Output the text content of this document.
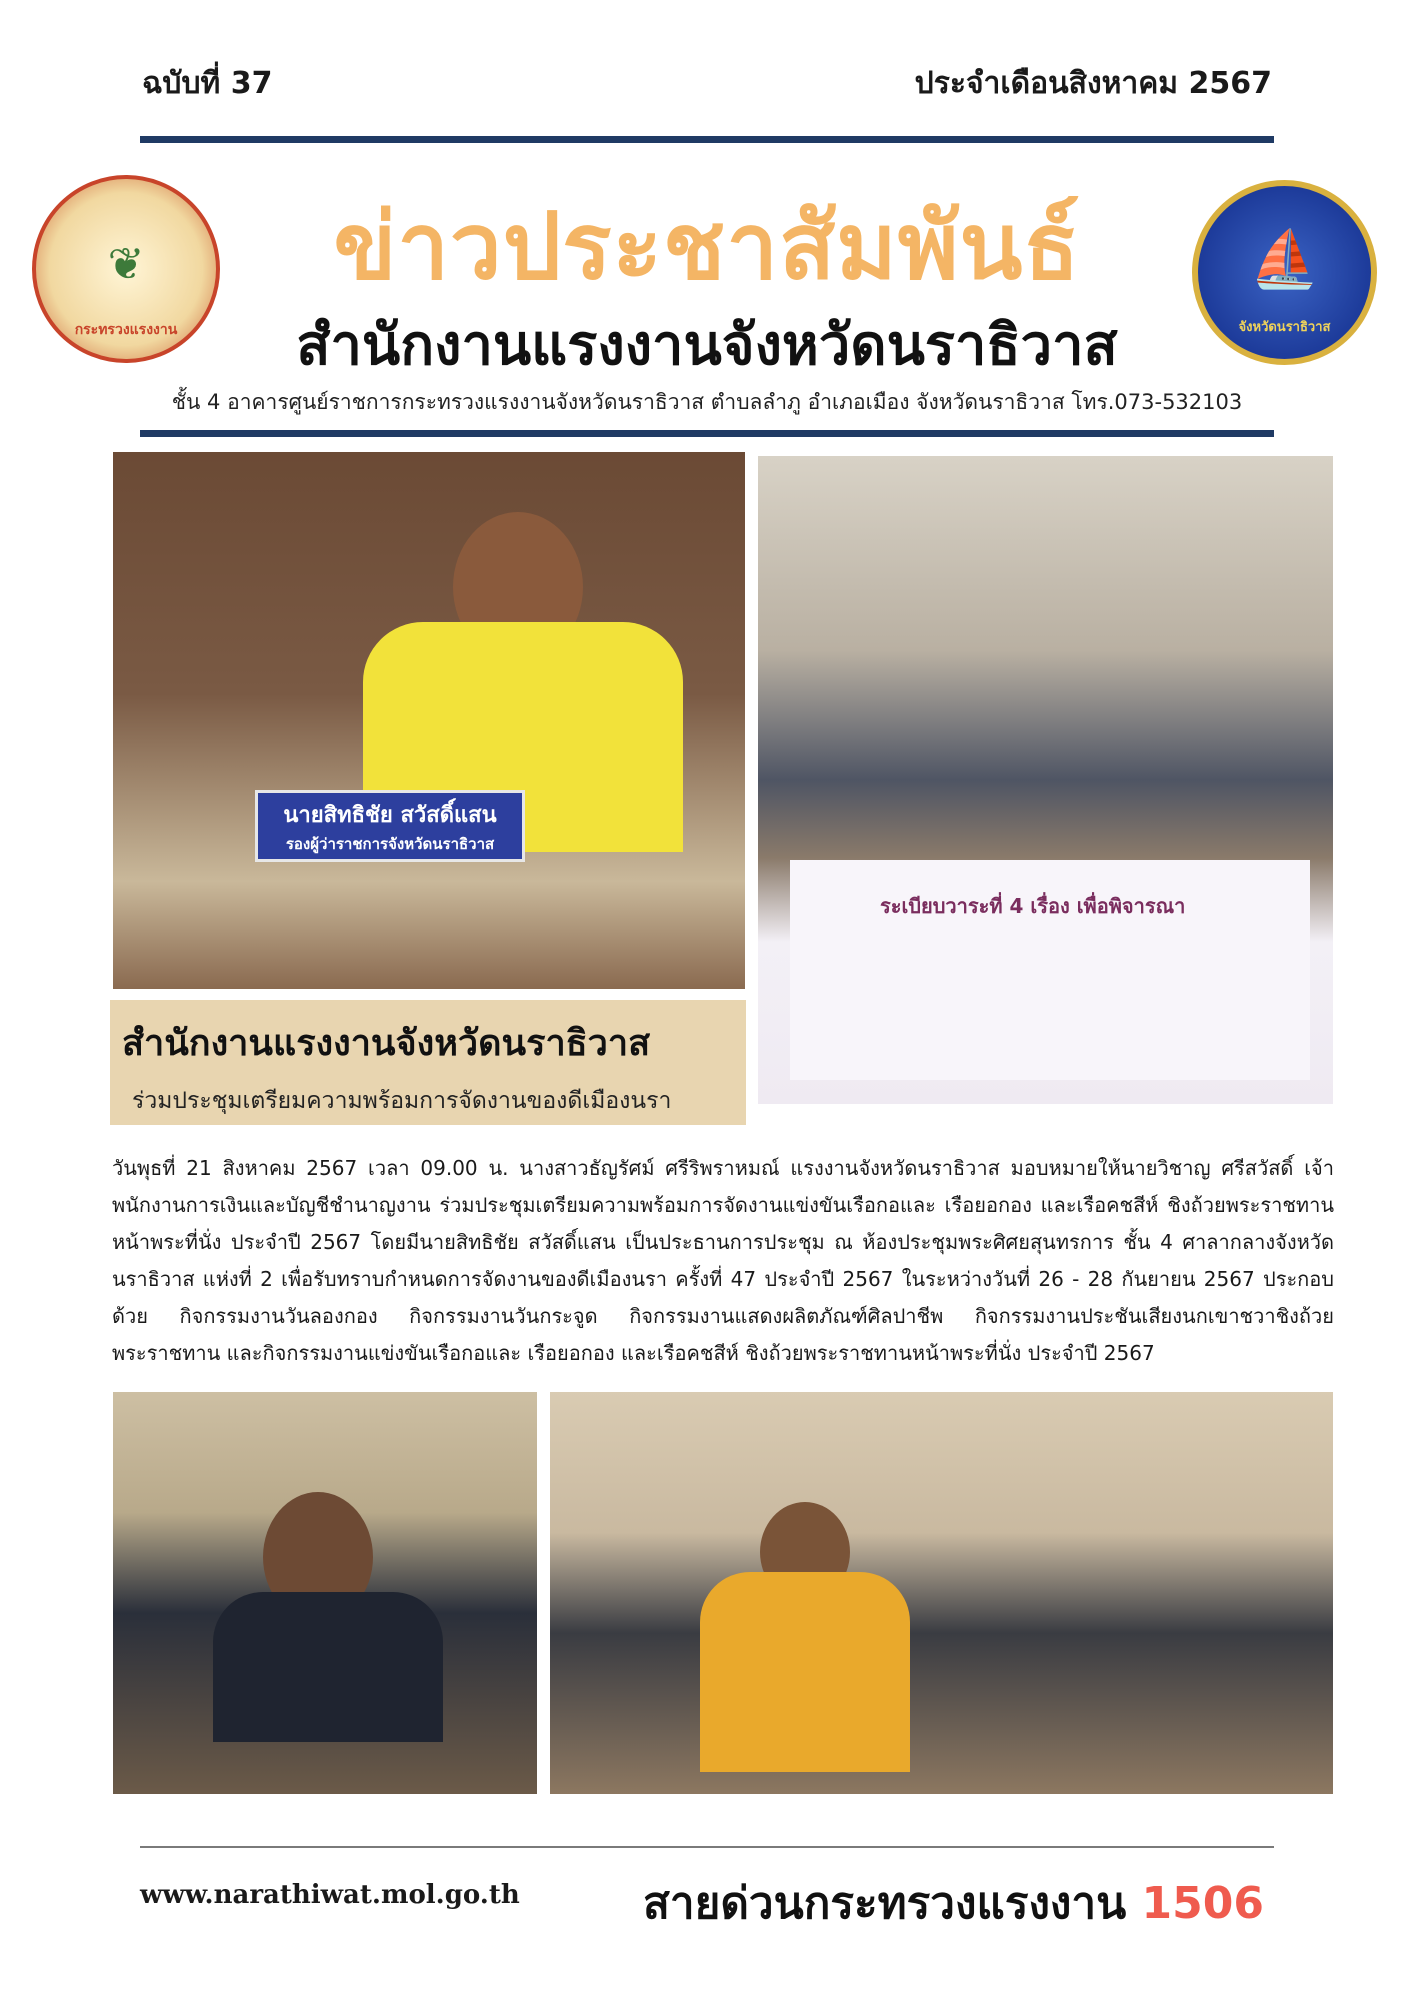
ฉบับที่ 37	ประจำเดือนสิงหาคม 2567
❦
กระทรวงแรงงาน
ข่าวประชาสัมพันธ์
สำนักงานแรงงานจังหวัดนราธิวาส
⛵
จังหวัดนราธิวาส
ชั้น 4 อาคารศูนย์ราชการกระทรวงแรงงานจังหวัดนราธิวาส ตำบลลำภู อำเภอเมือง จังหวัดนราธิวาส โทร.073-532103
นายสิทธิชัย สวัสดิ์แสน
รองผู้ว่าราชการจังหวัดนราธิวาส
ระเบียบวาระที่ 4 เรื่อง เพื่อพิจารณา
สำนักงานแรงงานจังหวัดนราธิวาส
ร่วมประชุมเตรียมความพร้อมการจัดงานของดีเมืองนรา
วันพุธที่ 21 สิงหาคม 2567 เวลา 09.00 น. นางสาวธัญรัศม์ ศรีริพราหมณ์ แรงงานจังหวัดนราธิวาส มอบหมายให้นายวิชาญ ศรีสวัสดิ์ เจ้าพนักงานการเงินและบัญชีชำนาญงาน ร่วมประชุมเตรียมความพร้อมการจัดงานแข่งขันเรือกอและ เรือยอกอง และเรือคชสีห์ ชิงถ้วยพระราชทานหน้าพระที่นั่ง ประจำปี 2567 โดยมีนายสิทธิชัย สวัสดิ์แสน เป็นประธานการประชุม ณ ห้องประชุมพระศิศยสุนทรการ ชั้น 4 ศาลากลางจังหวัดนราธิวาส แห่งที่ 2 เพื่อรับทราบกำหนดการจัดงานของดีเมืองนรา ครั้งที่ 47 ประจำปี 2567 ในระหว่างวันที่ 26 - 28 กันยายน 2567 ประกอบด้วย กิจกรรมงานวันลองกอง กิจกรรมงานวันกระจูด กิจกรรมงานแสดงผลิตภัณฑ์ศิลปาชีพ กิจกรรมงานประชันเสียงนกเขาชวาชิงถ้วยพระราชทาน และกิจกรรมงานแข่งขันเรือกอและ เรือยอกอง และเรือคชสีห์ ชิงถ้วยพระราชทานหน้าพระที่นั่ง ประจำปี 2567
www.narathiwat.mol.go.th	สายด่วนกระทรวงแรงงาน 1506
